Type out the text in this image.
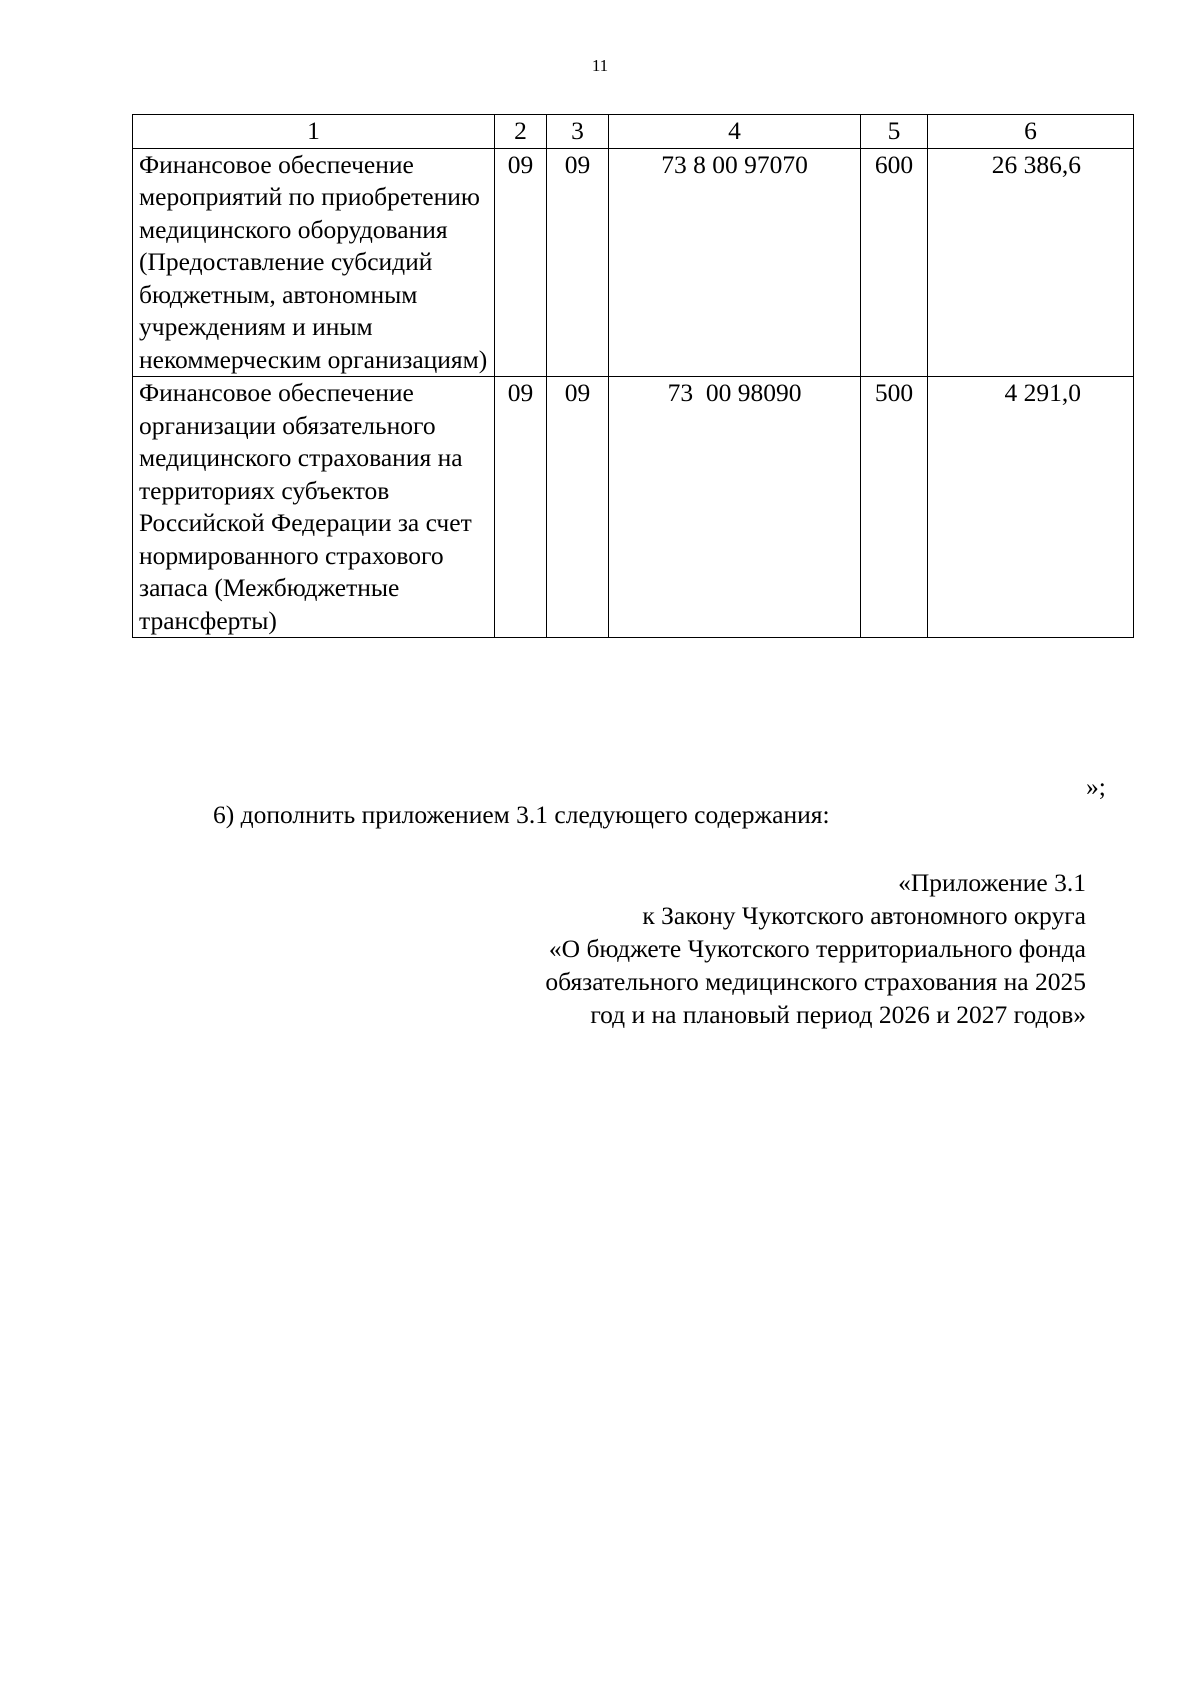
11
1	2	3	4	5	6
Финансовое обеспечение мероприятий по приобретению медицинского оборудования (Предоставление субсидий бюджетным, автономным учреждениям и иным некоммерческим организациям)	09	09	73 8 00 97070	600	26 386,6
Финансовое обеспечение организации обязательного медицинского страхования на территориях субъектов Российской Федерации за счет нормированного страхового запаса (Межбюджетные трансферты)	09	09	73  00 98090	500	4 291,0
»;
6) дополнить приложением 3.1 следующего содержания:
«Приложение 3.1
к Закону Чукотского автономного округа
«О бюджете Чукотского территориального фонда
обязательного медицинского страхования на 2025
год и на плановый период 2026 и 2027 годов»
